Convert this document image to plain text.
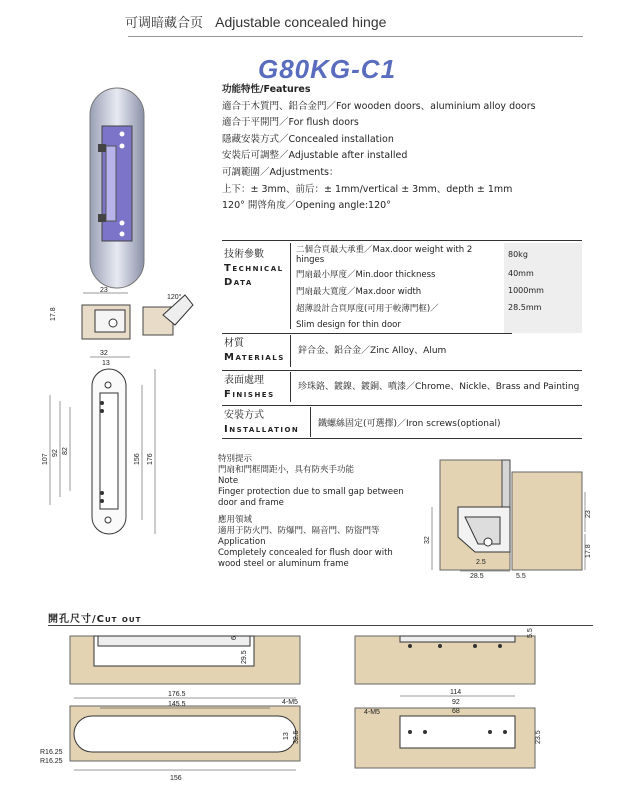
可调暗藏合页 Adjustable concealed hinge
G80KG-C1
功能特性/Features
適合于木質門、鋁合金門／For wooden doors、aluminium alloy doors
適合于平開門／For flush doors
隱藏安裝方式／Concealed installation
安裝后可調整／Adjustable after installed
可調範圍／Adjustments：
上下：± 3mm、前后：± 1mm/vertical ± 3mm、depth ± 1mm
120° 開啓角度／Opening angle:120°
技術參數
Technical Data
二個合頁最大承重／Max.door weight with 2 hinges	80kg
門扇最小厚度／Min.door thickness	40mm
門扇最大寬度／Max.door width	1000mm
超薄設計合頁厚度(可用于較薄門框)／	28.5mm
Slim design for thin door	
材質
Materials
鋅合金、鋁合金／Zinc Alloy、Alum
表面處理
Finishes
珍珠鉻、鍍鎳、鍍銅、噴漆／Chrome、Nickle、Brass and Painting
安裝方式
Installation 鐵螺絲固定(可選擇)／Iron screws(optional)
特別提示
門扇和門框間距小，具有防夾手功能
Note
Finger protection due to small gap between
door and frame
應用領域
適用于防火門、防爆門、隔音門、防盜門等
Application
Completely concealed for flush door with
wood steel or aluminum frame
23
17.8
120°
32
13
107
92 82
156 176
32
23
17.8
2.5
28.5	5.5
開孔尺寸/Cut out
6
29.5
176.5
145.5	4-M5
13 32.5
R16.25
R16.25
156
5.5
114
92
68
4-M5
23.5
